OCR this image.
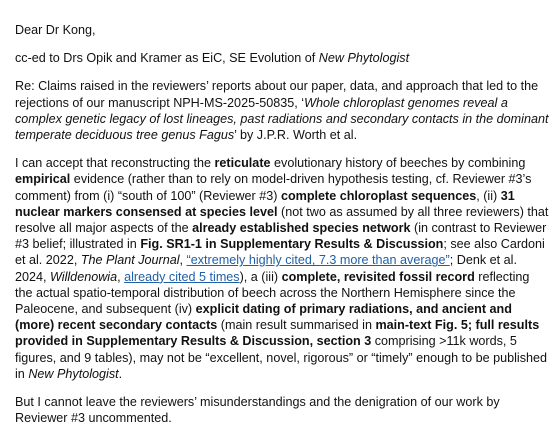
Dear Dr Kong,

cc-ed to Drs Opik and Kramer as EiC, SE Evolution of New Phytologist

Re: Claims raised in the reviewers’ reports about our paper, data, and approach that led to the rejections of our manuscript NPH-MS-2025-50835, ‘Whole chloroplast genomes reveal a complex genetic legacy of lost lineages, past radiations and secondary contacts in the dominant temperate deciduous tree genus Fagus’ by J.P.R. Worth et al.

I can accept that reconstructing the reticulate evolutionary history of beeches by combining empirical evidence (rather than to rely on model-driven hypothesis testing, cf. Reviewer #3’s comment) from (i) “south of 100” (Reviewer #3) complete chloroplast sequences, (ii) 31 nuclear markers consensed at species level (not two as assumed by all three reviewers) that resolve all major aspects of the already established species network (in contrast to Reviewer #3 belief; illustrated in Fig. SR1-1 in Supplementary Results & Discussion; see also Cardoni et al. 2022, The Plant Journal, “extremely highly cited, 7.3 more than average”; Denk et al. 2024, Willdenowia, already cited 5 times), a (iii) complete, revisited fossil record reflecting the actual spatio-temporal distribution of beech across the Northern Hemisphere since the Paleocene, and subsequent (iv) explicit dating of primary radiations, and ancient and (more) recent secondary contacts (main result summarised in main-text Fig. 5; full results provided in Supplementary Results & Discussion, section 3 comprising >11k words, 5 figures, and 9 tables), may not be “excellent, novel, rigorous” or “timely” enough to be published in New Phytologist.

But I cannot leave the reviewers’ misunderstandings and the denigration of our work by Reviewer #3 uncommented.
